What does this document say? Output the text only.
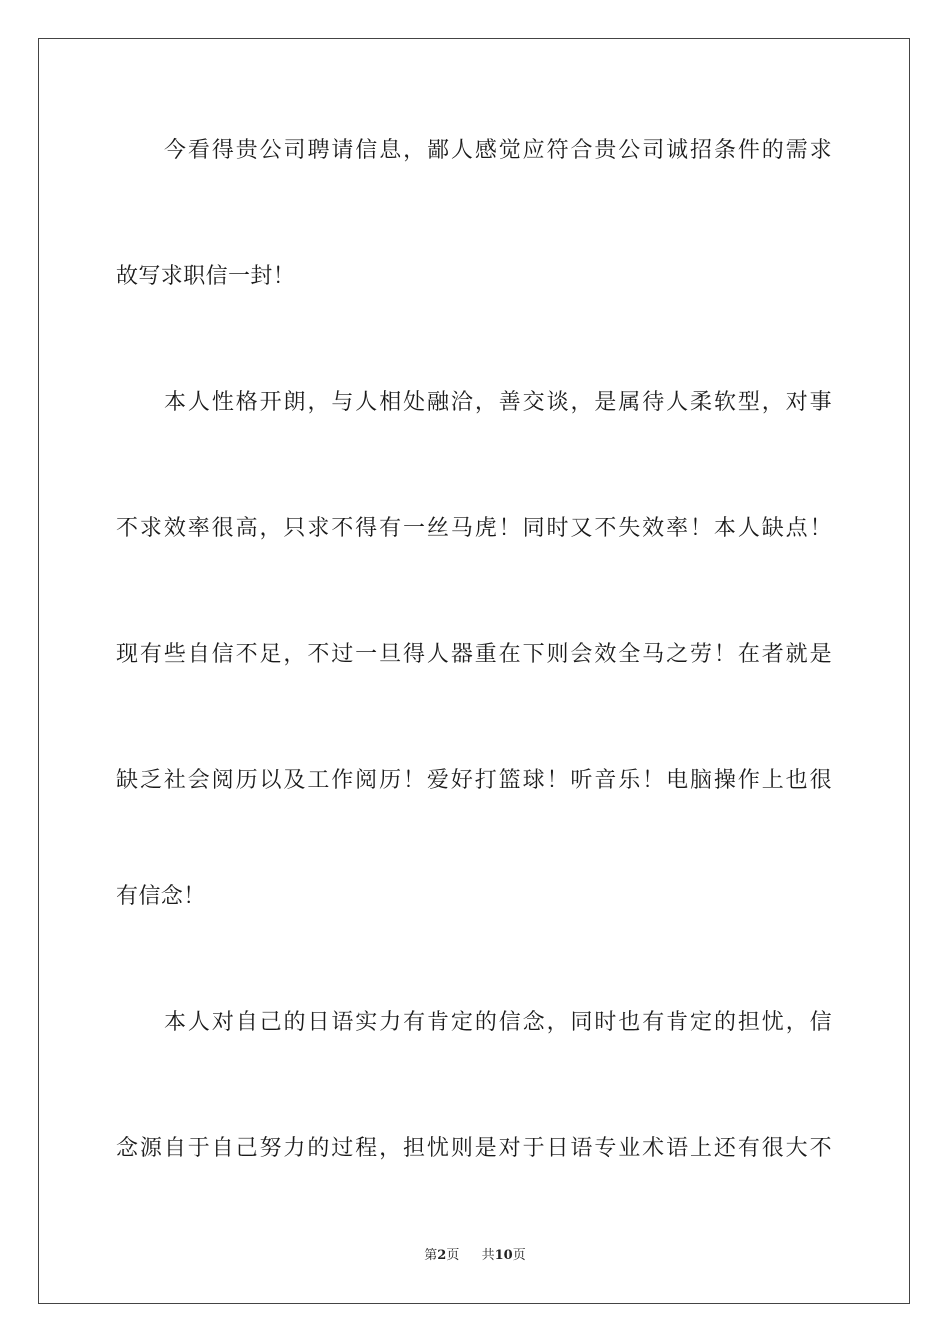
今看得贵公司聘请信息，鄙人感觉应符合贵公司诚招条件的需求
故写求职信一封！
本人性格开朗，与人相处融洽，善交谈，是属待人柔软型，对事
不求效率很高，只求不得有一丝马虎！同时又不失效率！本人缺点！
现有些自信不足，不过一旦得人器重在下则会效全马之劳！在者就是
缺乏社会阅历以及工作阅历！爱好打篮球！听音乐！电脑操作上也很
有信念！
本人对自己的日语实力有肯定的信念，同时也有肯定的担忧，信
念源自于自己努力的过程，担忧则是对于日语专业术语上还有很大不
第2页 共10页
